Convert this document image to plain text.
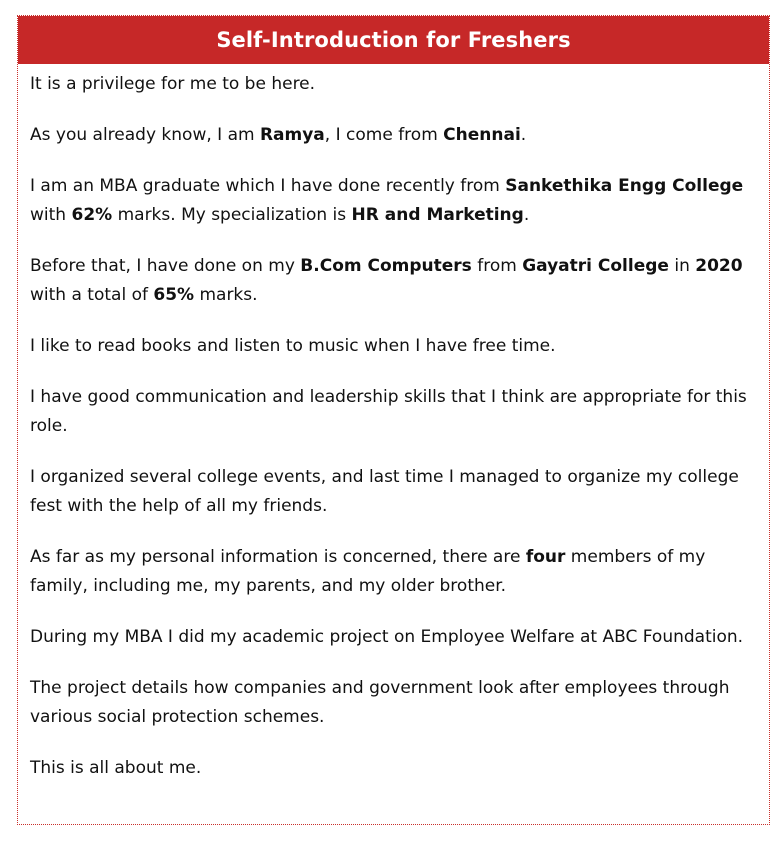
Self-Introduction for Freshers

It is a privilege for me to be here.

As you already know, I am Ramya, I come from Chennai.

I am an MBA graduate which I have done recently from Sankethika Engg College with 62% marks. My specialization is HR and Marketing.

Before that, I have done on my B.Com Computers from Gayatri College in 2020 with a total of 65% marks.

I like to read books and listen to music when I have free time.

I have good communication and leadership skills that I think are appropriate for this role.

I organized several college events, and last time I managed to organize my college fest with the help of all my friends.

As far as my personal information is concerned, there are four members of my family, including me, my parents, and my older brother.

During my MBA I did my academic project on Employee Welfare at ABC Foundation.

The project details how companies and government look after employees through various social protection schemes.

This is all about me.
